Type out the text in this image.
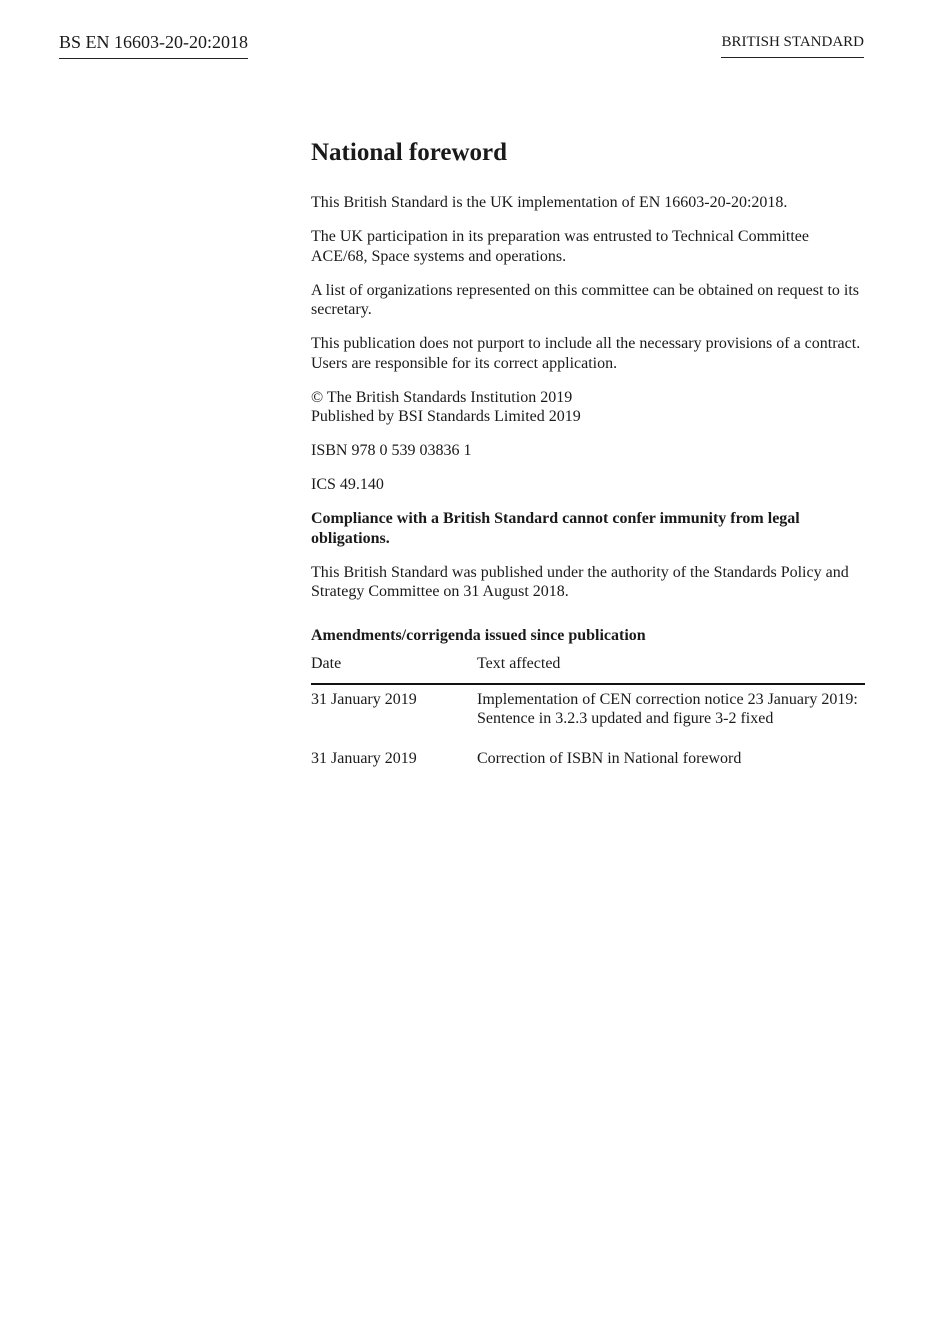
BS EN 16603-20-20:2018	BRITISH STANDARD
National foreword

This British Standard is the UK implementation of EN 16603-20-20:2018.

The UK participation in its preparation was entrusted to Technical Committee ACE/68, Space systems and operations.

A list of organizations represented on this committee can be obtained on request to its secretary.

This publication does not purport to include all the necessary provisions of a contract. Users are responsible for its correct application.

© The British Standards Institution 2019
Published by BSI Standards Limited 2019

ISBN 978 0 539 03836 1

ICS 49.140

Compliance with a British Standard cannot confer immunity from legal obligations.

This British Standard was published under the authority of the Standards Policy and Strategy Committee on 31 August 2018.

Amendments/corrigenda issued since publication
Date	Text affected
31 January 2019	Implementation of CEN correction notice 23 January 2019: Sentence in 3.2.3 updated and figure 3-2 fixed
31 January 2019	Correction of ISBN in National foreword
